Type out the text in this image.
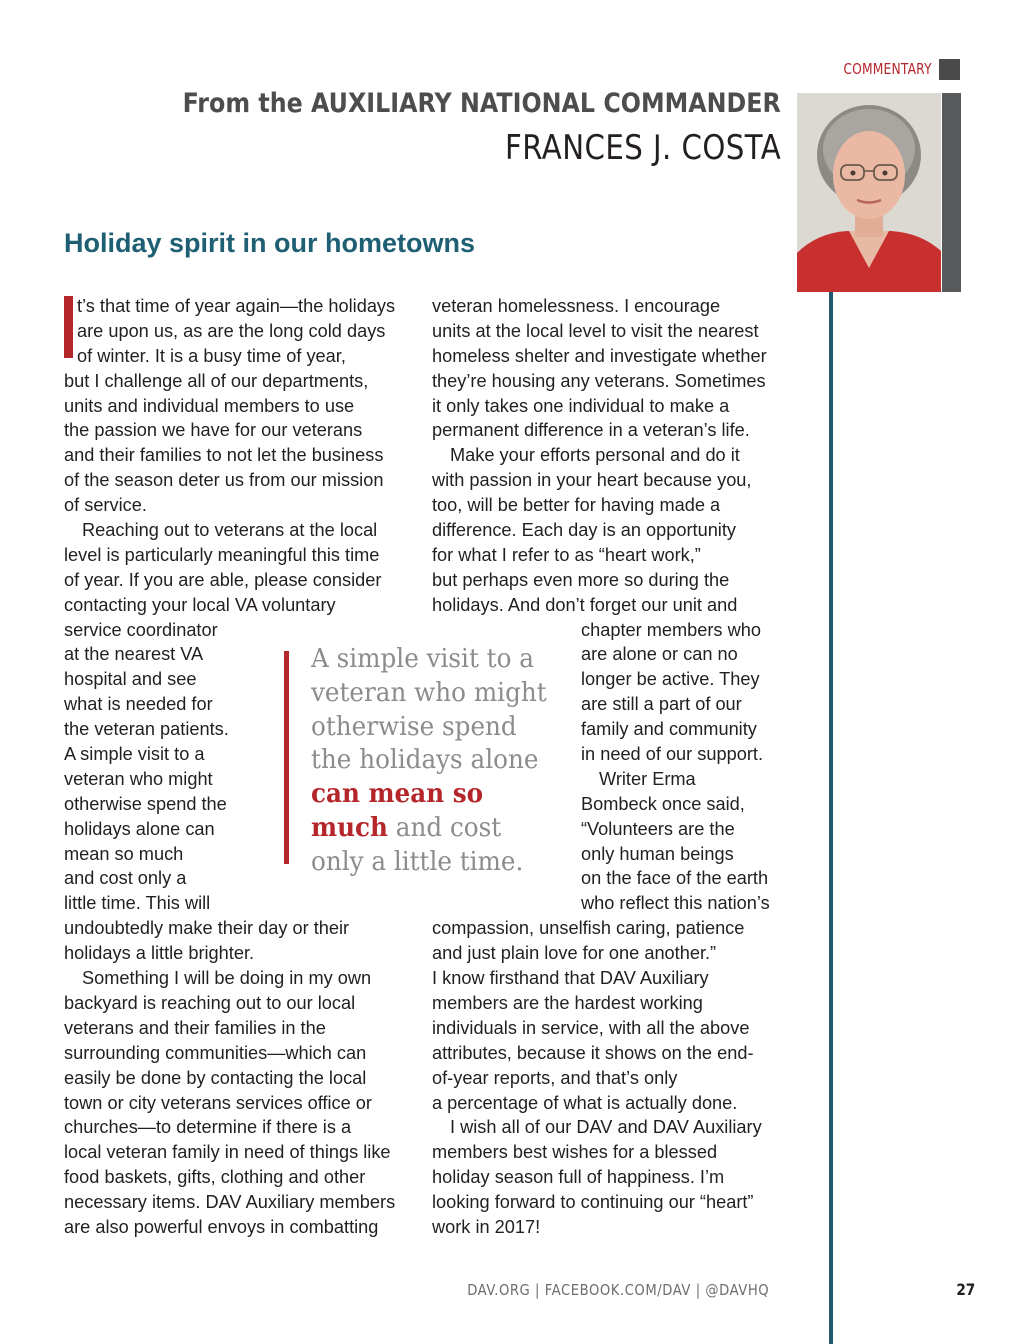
COMMENTARY
From the AUXILIARY NATIONAL COMMANDER
FRANCES J. COSTA
Holiday spirit in our hometowns
t’s that time of year again—the holidays
are upon us, as are the long cold days
of winter. It is a busy time of year,
but I challenge all of our departments,
units and individual members to use
the passion we have for our veterans
and their families to not let the business
of the season deter us from our mission
of service.
Reaching out to veterans at the local
level is particularly meaningful this time
of year. If you are able, please consider
contacting your local VA voluntary
service coordinator
at the nearest VA
hospital and see
what is needed for
the veteran patients.
A simple visit to a
veteran who might
otherwise spend the
holidays alone can
mean so much
and cost only a
little time. This will
undoubtedly make their day or their
holidays a little brighter.
Something I will be doing in my own
backyard is reaching out to our local
veterans and their families in the
surrounding communities—which can
easily be done by contacting the local
town or city veterans services office or
churches—to determine if there is a
local veteran family in need of things like
food baskets, gifts, clothing and other
necessary items. DAV Auxiliary members
are also powerful envoys in combatting
veteran homelessness. I encourage
units at the local level to visit the nearest
homeless shelter and investigate whether
they’re housing any veterans. Sometimes
it only takes one individual to make a
permanent difference in a veteran’s life.
Make your efforts personal and do it
with passion in your heart because you,
too, will be better for having made a
difference. Each day is an opportunity
for what I refer to as “heart work,”
but perhaps even more so during the
holidays. And don’t forget our unit and
chapter members who
are alone or can no
longer be active. They
are still a part of our
family and community
in need of our support.
Writer Erma
Bombeck once said,
“Volunteers are the
only human beings
on the face of the earth
who reflect this nation’s
compassion, unselfish caring, patience
and just plain love for one another.”
I know firsthand that DAV Auxiliary
members are the hardest working
individuals in service, with all the above
attributes, because it shows on the end-
of-year reports, and that’s only
a percentage of what is actually done.
I wish all of our DAV and DAV Auxiliary
members best wishes for a blessed
holiday season full of happiness. I’m
looking forward to continuing our “heart”
work in 2017!
A simple visit to a
veteran who might
otherwise spend
the holidays alone
can mean so
much and cost
only a little time.
DAV.ORG | FACEBOOK.COM/DAV | @DAVHQ	27
